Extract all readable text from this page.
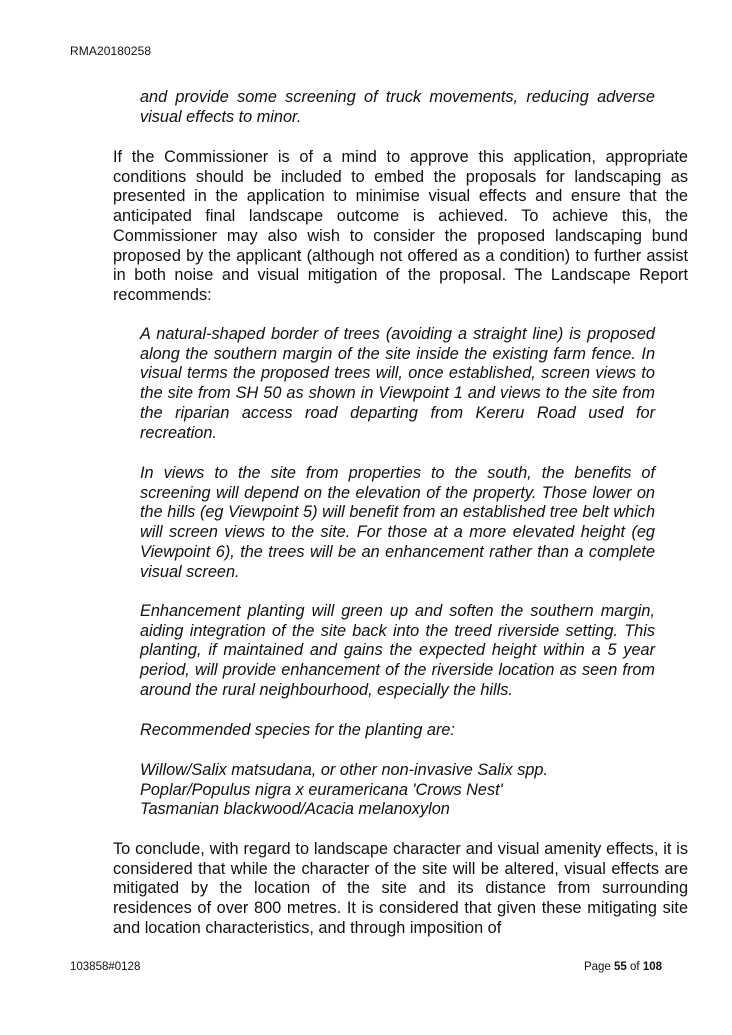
RMA20180258

and provide some screening of truck movements, reducing adverse visual effects to minor.

If the Commissioner is of a mind to approve this application, appropriate conditions should be included to embed the proposals for landscaping as presented in the application to minimise visual effects and ensure that the anticipated final landscape outcome is achieved. To achieve this, the Commissioner may also wish to consider the proposed landscaping bund proposed by the applicant (although not offered as a condition) to further assist in both noise and visual mitigation of the proposal. The Landscape Report recommends:

A natural-shaped border of trees (avoiding a straight line) is proposed along the southern margin of the site inside the existing farm fence. In visual terms the proposed trees will, once established, screen views to the site from SH 50 as shown in Viewpoint 1 and views to the site from the riparian access road departing from Kereru Road used for recreation.

In views to the site from properties to the south, the benefits of screening will depend on the elevation of the property. Those lower on the hills (eg Viewpoint 5) will benefit from an established tree belt which will screen views to the site. For those at a more elevated height (eg Viewpoint 6), the trees will be an enhancement rather than a complete visual screen.

Enhancement planting will green up and soften the southern margin, aiding integration of the site back into the treed riverside setting. This planting, if maintained and gains the expected height within a 5 year period, will provide enhancement of the riverside location as seen from around the rural neighbourhood, especially the hills.

Recommended species for the planting are:

Willow/Salix matsudana, or other non-invasive Salix spp.
Poplar/Populus nigra x euramericana 'Crows Nest'
Tasmanian blackwood/Acacia melanoxylon

To conclude, with regard to landscape character and visual amenity effects, it is considered that while the character of the site will be altered, visual effects are mitigated by the location of the site and its distance from surrounding residences of over 800 metres. It is considered that given these mitigating site and location characteristics, and through imposition of

103858#0128	Page 55 of 108
